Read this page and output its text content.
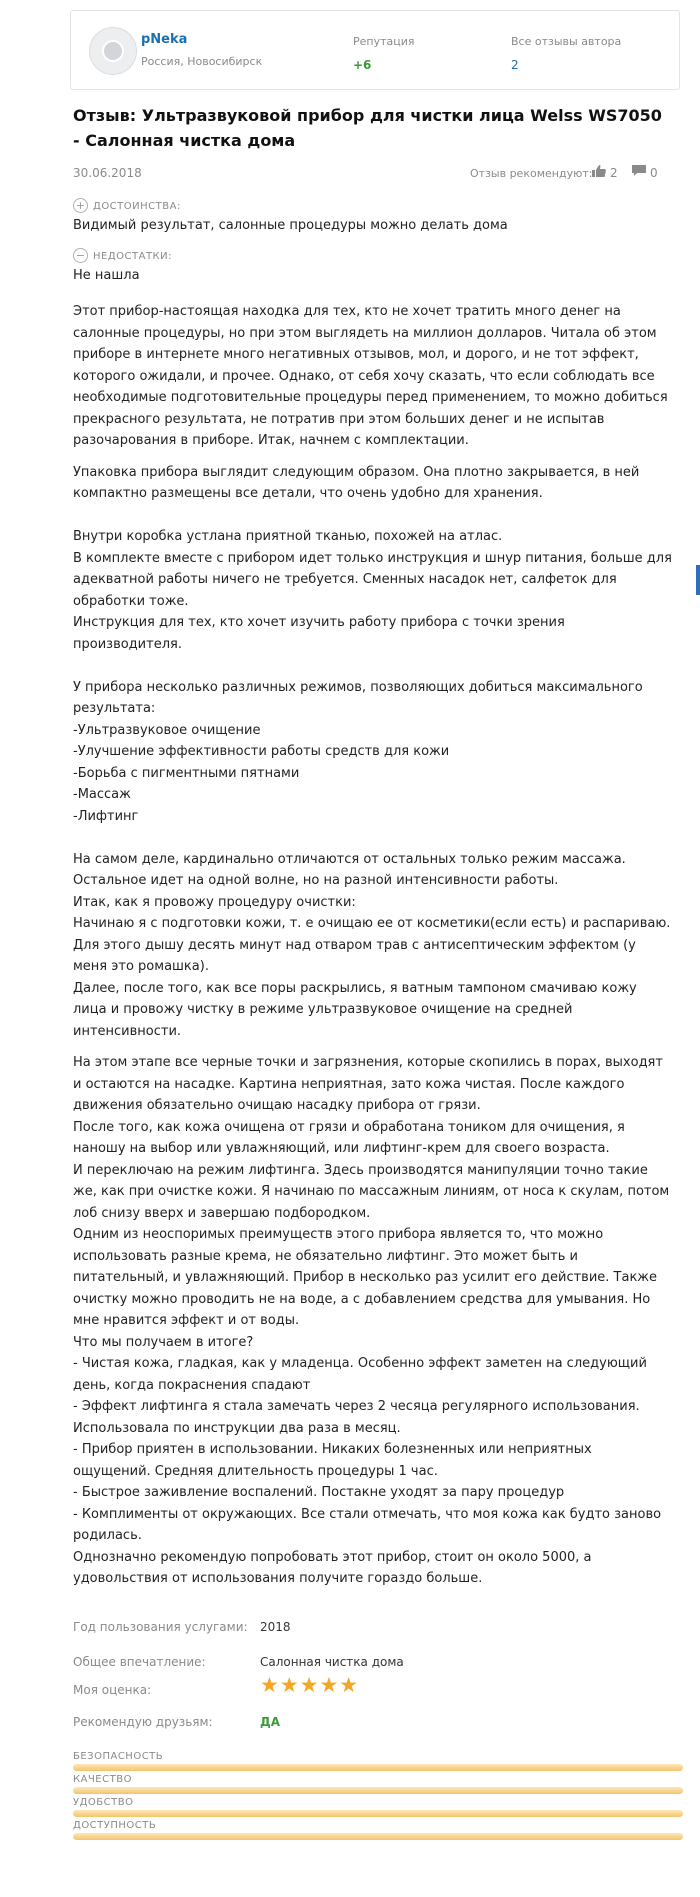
pNeka
Россия, Новосибирск
Репутация
+6
Все отзывы автора
2
Отзыв: Ультразвуковой прибор для чистки лица Welss WS7050 - Салонная чистка дома
30.06.2018	Отзыв рекомендуют: 2	0
+ ДОСТОИНСТВА:
Видимый результат, салонные процедуры можно делать дома
− НЕДОСТАТКИ:
Не нашла

Этот прибор-настоящая находка для тех, кто не хочет тратить много денег на салонные процедуры, но при этом выглядеть на миллион долларов. Читала об этом приборе в интернете много негативных отзывов, мол, и дорого, и не тот эффект, которого ожидали, и прочее. Однако, от себя хочу сказать, что если соблюдать все необходимые подготовительные процедуры перед применением, то можно добиться прекрасного результата, не потратив при этом больших денег и не испытав разочарования в приборе. Итак, начнем с комплектации.

Упаковка прибора выглядит следующим образом. Она плотно закрывается, в ней компактно размещены все детали, что очень удобно для хранения.

Внутри коробка устлана приятной тканью, похожей на атлас.
В комплекте вместе с прибором идет только инструкция и шнур питания, больше для адекватной работы ничего не требуется. Сменных насадок нет, салфеток для обработки тоже.
Инструкция для тех, кто хочет изучить работу прибора с точки зрения производителя.

У прибора несколько различных режимов, позволяющих добиться максимального результата:
-Ультразвуковое очищение
-Улучшение эффективности работы средств для кожи
-Борьба с пигментными пятнами
-Массаж
-Лифтинг

На самом деле, кардинально отличаются от остальных только режим массажа. Остальное идет на одной волне, но на разной интенсивности работы.
Итак, как я провожу процедуру очистки:
Начинаю я с подготовки кожи, т. е очищаю ее от косметики(если есть) и распариваю. Для этого дышу десять минут над отваром трав с антисептическим эффектом (у меня это ромашка).
Далее, после того, как все поры раскрылись, я ватным тампоном смачиваю кожу лица и провожу чистку в режиме ультразвуковое очищение на средней интенсивности.

На этом этапе все черные точки и загрязнения, которые скопились в порах, выходят и остаются на насадке. Картина неприятная, зато кожа чистая. После каждого движения обязательно очищаю насадку прибора от грязи.
После того, как кожа очищена от грязи и обработана тоником для очищения, я наношу на выбор или увлажняющий, или лифтинг-крем для своего возраста.
И переключаю на режим лифтинга. Здесь производятся манипуляции точно такие же, как при очистке кожи. Я начинаю по массажным линиям, от носа к скулам, потом лоб снизу вверх и завершаю подбородком.
Одним из неоспоримых преимуществ этого прибора является то, что можно использовать разные крема, не обязательно лифтинг. Это может быть и питательный, и увлажняющий. Прибор в несколько раз усилит его действие. Также очистку можно проводить не на воде, а с добавлением средства для умывания. Но мне нравится эффект и от воды.
Что мы получаем в итоге?
- Чистая кожа, гладкая, как у младенца. Особенно эффект заметен на следующий день, когда покраснения спадают
- Эффект лифтинга я стала замечать через 2 чесяца регулярного использования. Использовала по инструкции два раза в месяц.
- Прибор приятен в использовании. Никаких болезненных или неприятных ощущений. Средняя длительность процедуры 1 час.
- Быстрое заживление воспалений. Постакне уходят за пару процедур
- Комплименты от окружающих. Все стали отмечать, что моя кожа как будто заново родилась.
Однозначно рекомендую попробовать этот прибор, стоит он около 5000, а удовольствия от использования получите гораздо больше.

Год пользования услугами: 2018
Общее впечатление:	Салонная чистка дома
Моя оценка:	★★★★★
Рекомендую друзьям:	ДА
БЕЗОПАСНОСТЬ
КАЧЕСТВО
УДОБСТВО
ДОСТУПНОСТЬ
